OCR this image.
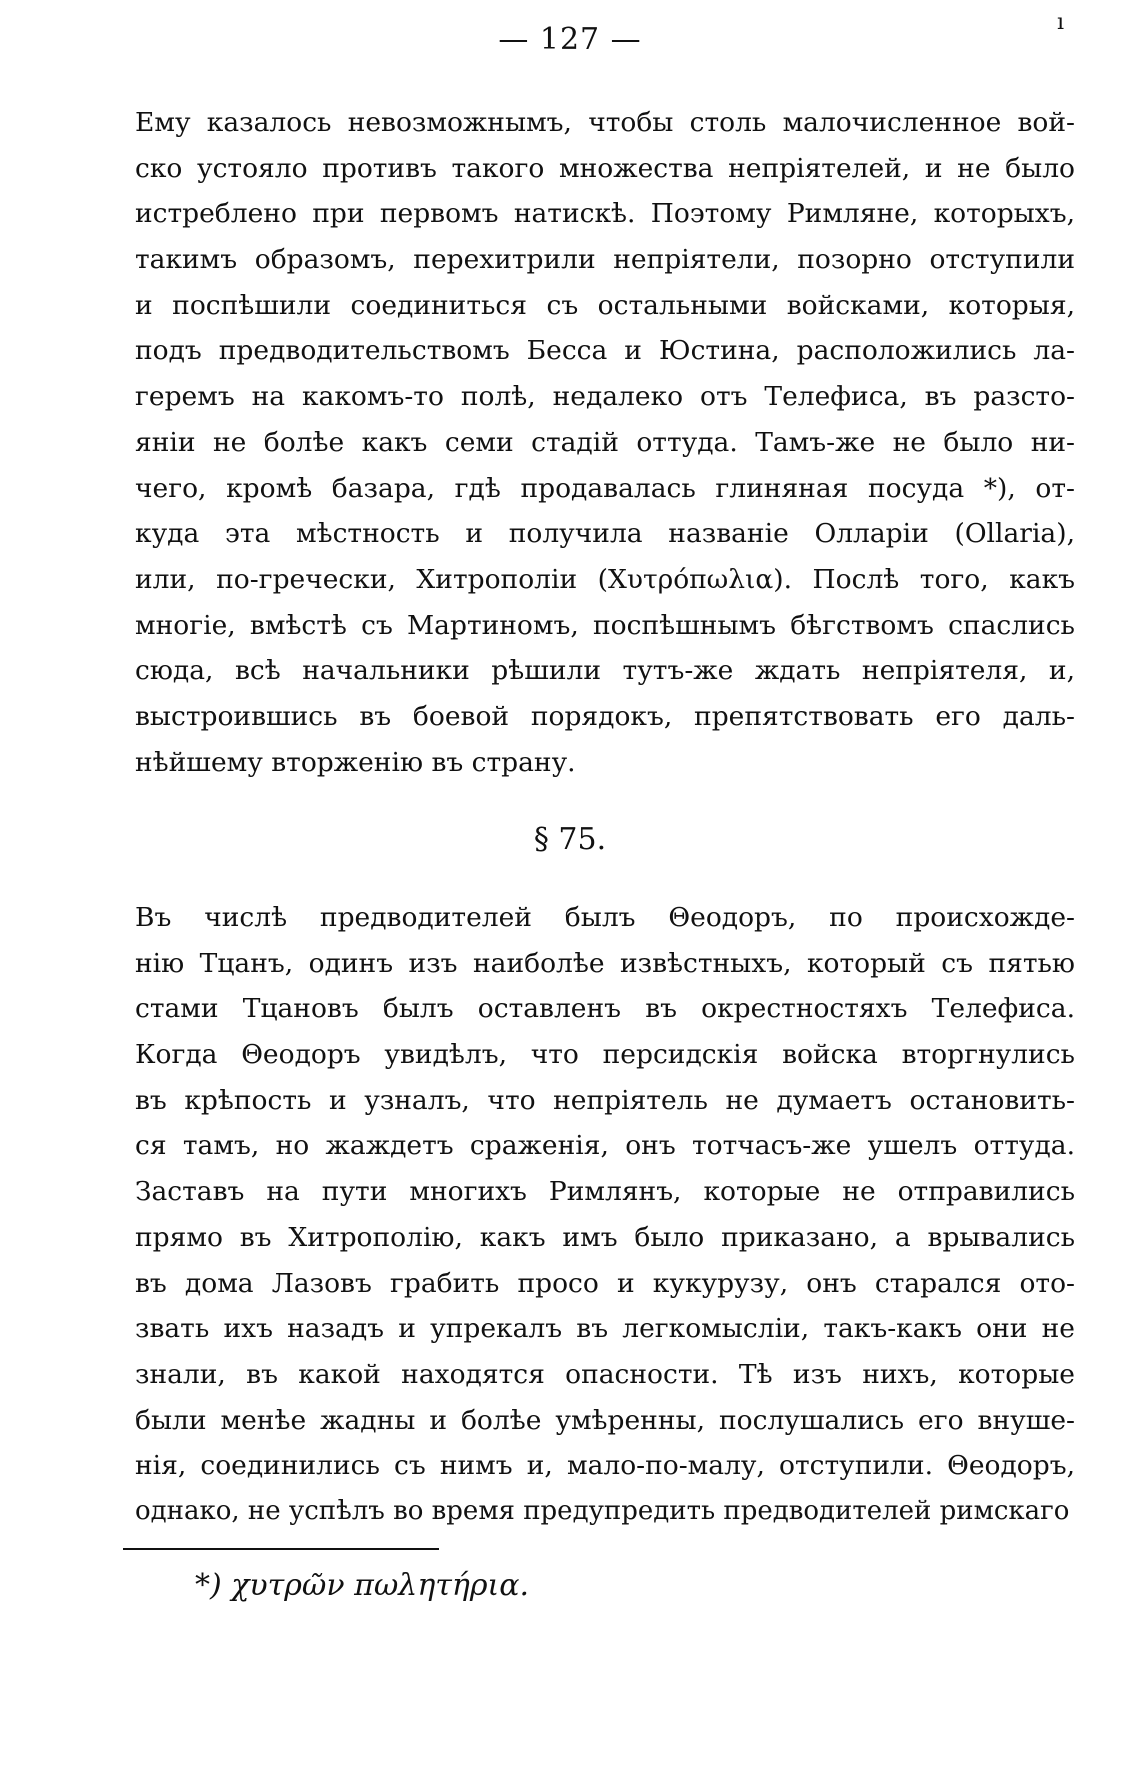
— 127 —	ı
Ему казалось невозможнымъ, чтобы столь малочисленное вой-
ско устояло противъ такого множества непріятелей, и не было
истреблено при первомъ натискѣ. Поэтому Римляне, которыхъ,
такимъ образомъ, перехитрили непріятели, позорно отступили
и поспѣшили соединиться съ остальными войсками, которыя,
подъ предводительствомъ Бесса и Юстина, расположились ла-
геремъ на какомъ-то полѣ, недалеко отъ Телефиса, въ разсто-
яніи не болѣе какъ семи стадій оттуда. Тамъ-же не было ни-
чего, кромѣ базара, гдѣ продавалась глиняная посуда *), от-
куда эта мѣстность и получила названіе Олларіи (Ollaria),
или, по-гречески, Хитрополіи (Χυτρόπωλια). Послѣ того, какъ
многіе, вмѣстѣ съ Мартиномъ, поспѣшнымъ бѣгствомъ спаслись
сюда, всѣ начальники рѣшили тутъ-же ждать непріятеля, и,
выстроившись въ боевой порядокъ, препятствовать его даль-
нѣйшему вторженію въ страну.
§ 75.
Въ числѣ предводителей былъ Θеодоръ, по происхожде-
нію Тцанъ, одинъ изъ наиболѣе извѣстныхъ, который съ пятью
стами Тцановъ былъ оставленъ въ окрестностяхъ Телефиса.
Когда Θеодоръ увидѣлъ, что персидскія войска вторгнулись
въ крѣпость и узналъ, что непріятель не думаетъ остановить-
ся тамъ, но жаждетъ сраженія, онъ тотчасъ-же ушелъ оттуда.
Заставъ на пути многихъ Римлянъ, которые не отправились
прямо въ Хитрополію, какъ имъ было приказано, а врывались
въ дома Лазовъ грабить просо и кукурузу, онъ старался ото-
звать ихъ назадъ и упрекалъ въ легкомысліи, такъ-какъ они не
знали, въ какой находятся опасности. Тѣ изъ нихъ, которые
были менѣе жадны и болѣе умѣренны, послушались его внуше-
нія, соединились съ нимъ и, мало-по-малу, отступили. Θеодоръ,
однако, не успѣлъ во время предупредить предводителей римскаго
*) χυτρῶν πωλητήρια.
